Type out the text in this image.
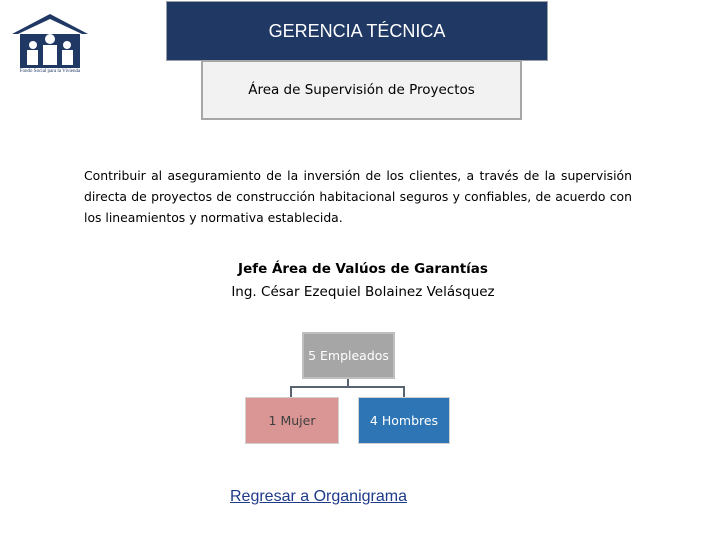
Fondo Social para la Vivienda
GERENCIA TÉCNICA
Área de Supervisión de Proyectos
Contribuir al aseguramiento de la inversión de los clientes, a través de la supervisión directa de proyectos de construcción habitacional seguros y confiables, de acuerdo con los lineamientos y normativa establecida.
Jefe Área de Valúos de Garantías
Ing. César Ezequiel Bolainez Velásquez
5 Empleados
1 Mujer	4 Hombres
Regresar a Organigrama
